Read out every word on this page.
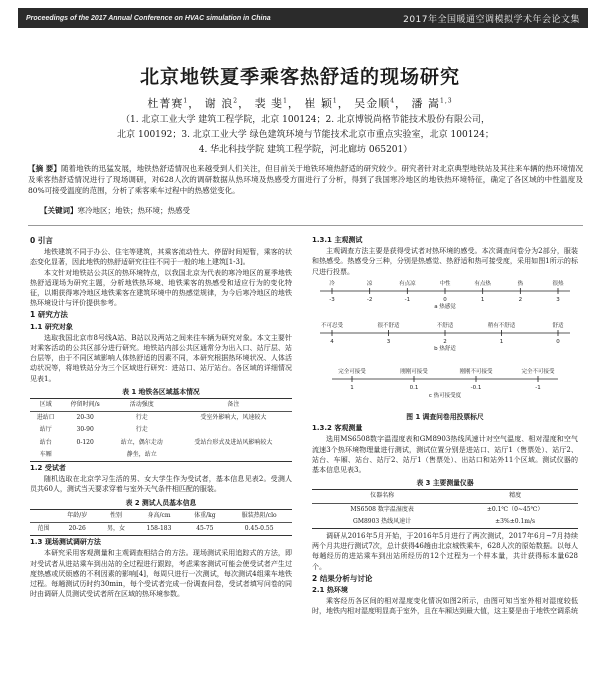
Proceedings of the 2017 Annual Conference on HVAC simulation in China	2017年全国暖通空调模拟学术年会论文集
北京地铁夏季乘客热舒适的现场研究
杜菁赛$^1$， 谢 浪$^2$， 裴 斐$^1$， 崔 颖$^1$， 吴金顺$^4$， 潘 嵩$^{1,3}$
（1. 北京工业大学 建筑工程学院，北京 100124；2. 北京博锐尚格节能技术股份有限公司，
北京 100192；3. 北京工业大学 绿色建筑环境与节能技术北京市重点实验室，北京 100124；
4. 华北科技学院 建筑工程学院，河北廊坊 065201）
【摘 要】随着地铁的迅猛发展，地铁热舒适情况也来越受到人们关注，但目前关于地铁环境热舒适的研究较少。研究者针对北京典型地铁站及其往来车辆的热环境情况及乘客热舒适情况进行了现场调研，对628人次的调研数据从热环境及热感受方面进行了分析，得到了我国寒冷地区的地铁热环境特征，确定了各区域的中性温度及80%可接受温度的范围，分析了乘客乘车过程中的热感觉变化。
【关键词】寒冷地区；地铁；热环境；热感受
0 引言

地铁建筑不同于办公、住宅等建筑，其乘客流动性大、停留时间短暂，乘客的状态变化显著，因此地铁的热舒适研究往往不同于一般的地上建筑[1-3]。

本文针对地铁站公共区的热环境特点，以我国北京为代表的寒冷地区的夏季地铁热舒适现场为研究主题，分析地铁热环境、地铁乘客的热感受和适应行为的变化特征，以期获得寒冷地区地铁乘客在建筑环境中的热感觉规律，为今后寒冷地区的地铁热环境设计与评价提供参考。

1 研究方法
1.1 研究对象

选取我国北京市8号线A站、B站以及两站之间来往车辆为研究对象。本文主要针对乘客活动的公共区部分进行研究。地铁站内部公共区通常分为出入口、站厅层、站台层等，由于不同区域影响人体热舒适的因素不同，本研究根据热环境状况、人体活动状况等，将地铁站分为三个区域进行研究：进站口、站厅站台。各区域的详细情况见表1。

表 1 地铁各区域基本情况
区域	停留时间/s	活动强度	备注
进站口	20-30	行走	受室外影响大，风速较大
站厅	30-90	行走	
站台	0-120	站立，偶尔走动	受站台形式及进站风影响较大
车厢		静坐，站立	
1.2 受试者

随机选取在北京学习生活的男、女大学生作为受试者，基本信息见表2。受测人员共60人，测试当天要求穿着与室外天气条件相匹配的服装。

表 2 测试人员基本信息
	年龄/岁	性别	身高/cm	体重/kg	服装热阻/clo
范围	20-26	男，女	158-183	45-75	0.45-0.55
1.3 现场测试调研方法

本研究采用客观测量和主观调查相结合的方法。现场测试采用追踪式的方法，即对受试者从进站乘车到出站的全过程进行跟踪，考虑乘客测试可能会使受试者产生过度热感或厌烦感的不利因素的影响[4]，每周只进行一次测试，每次测试4组乘车地铁过程。每趟测试历时约30min，每个受试者完成一份调查问卷，受试者填写问卷的同时由调研人员测试受试者所在区域的热环境参数。

1.3.1 主观测试

主观调查方法主要是获得受试者对热环境的感受。本次调查问卷分为2部分，服装和热感受。热感受分三种，分别是热感觉、热舒适和热可接受度，采用如图1所示的标尺进行投票。

冷
-3
凉
-2
有点凉
-1
中性
0
有点热
1
热
2
很热
3
a 热感觉
不可忍受
4
很不舒适
3
不舒适
2
稍有不舒适
1
舒适
0
b 热舒适
完全可接受
1
刚刚可接受
0.1
刚刚不可接受
-0.1
完全不可接受
-1
c 热可接受度
图 1 调查问卷用投票标尺
1.3.2 客观测量

选用MS6508数字温湿度表和GM8903热线风速计对空气温度、相对湿度和空气流速3个热环境物理量进行测试，测试位置分别是进站口、站厅1（售票处）、站厅2、站台、车厢、站台、站厅2、站厅1（售票处）、出站口和站外11个区域。测试仪器的基本信息见表3。

表 3 主要测量仪器
仪器名称	精度
MS6508 数字温湿度表	±0.1℃（0~45℃）
GM8903 热线风速计	±3%±0.1m/s

调研从2016年5月开始，于2016年5月进行了两次测试，2017年6月~7月持续两个月共进行测试7次，总计获得46趟由北京城铁乘车，628人次的原始数据。以每人每趟经历的进站乘车到出站所经历的12个过程为一个样本量，共计获得标本量628个。

2 结果分析与讨论
2.1 热环境

乘客经历各区间的相对湿度变化情况如图2所示，由图可知当室外相对湿度较低时，地铁内相对湿度明显高于室外，且在车厢达到最大值，这主要是由于地铁空调系统
